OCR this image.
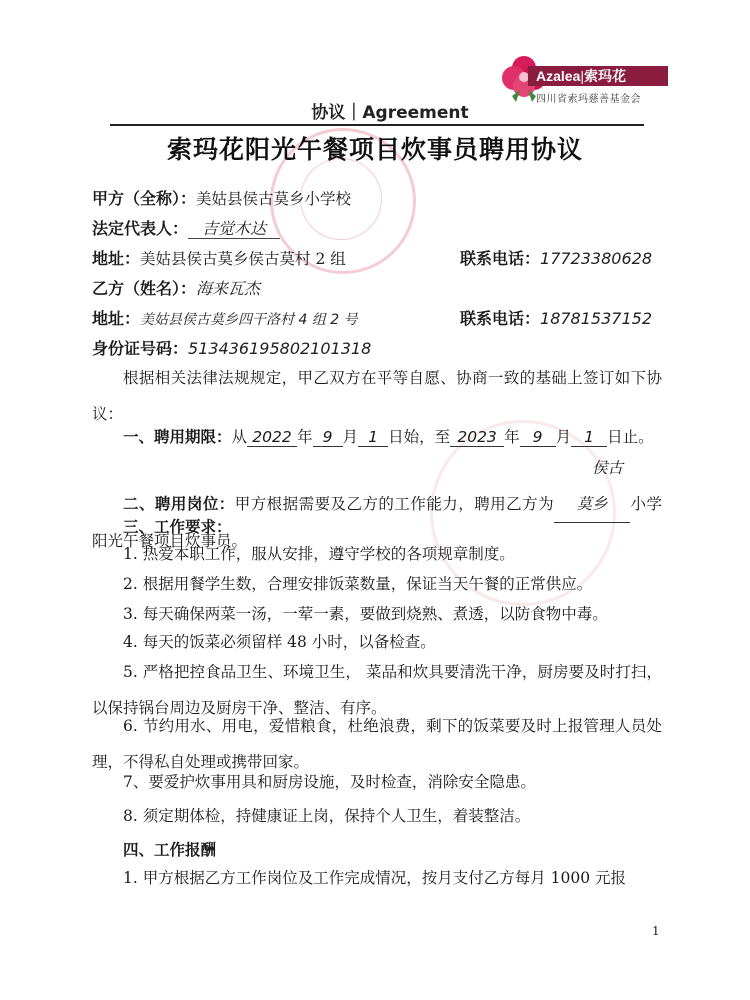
Azalea|索玛花
四川省索玛慈善基金会
协议｜Agreement
索玛花阳光午餐项目炊事员聘用协议
甲方（全称）：美姑县侯古莫乡小学校
法定代表人： 吉觉木达
地址：美姑县侯古莫乡侯古莫村 2 组	联系电话：17723380628
乙方（姓名）：海来瓦杰
地址：美姑县侯古莫乡四干洛村 4 组 2 号	联系电话：18781537152
身份证号码：513436195802101318
根据相关法律法规规定，甲乙双方在平等自愿、协商一致的基础上签订如下协议：
一、聘用期限：从 2022 年 9 月 1 日始，至 2023 年 9 月 1 日止。
二、聘用岗位：甲方根据需要及乙方的工作能力，聘用乙方为侯古莫乡 小学阳光午餐项目炊事员。
三、工作要求：
1. 热爱本职工作，服从安排，遵守学校的各项规章制度。
2. 根据用餐学生数，合理安排饭菜数量，保证当天午餐的正常供应。
3. 每天确保两菜一汤，一荤一素，要做到烧熟、煮透，以防食物中毒。
4. 每天的饭菜必须留样 48 小时，以备检查。
5. 严格把控食品卫生、环境卫生， 菜品和炊具要清洗干净，厨房要及时打扫，以保持锅台周边及厨房干净、整洁、有序。
6. 节约用水、用电，爱惜粮食，杜绝浪费，剩下的饭菜要及时上报管理人员处理，不得私自处理或携带回家。
7、要爱护炊事用具和厨房设施，及时检查，消除安全隐患。
8. 须定期体检，持健康证上岗，保持个人卫生，着装整洁。
四、工作报酬
1. 甲方根据乙方工作岗位及工作完成情况，按月支付乙方每月 1000 元报
1
